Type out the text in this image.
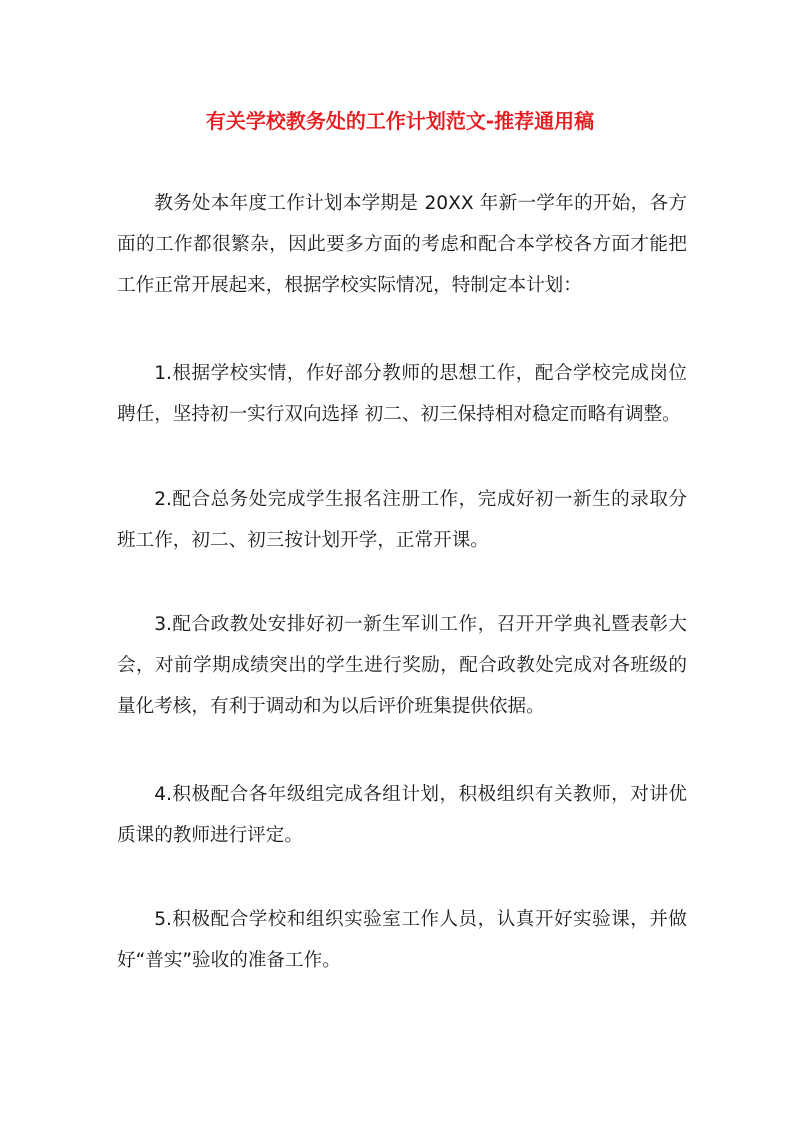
有关学校教务处的工作计划范文-推荐通用稿

教务处本年度工作计划本学期是 20XX 年新一学年的开始，各方面的工作都很繁杂，因此要多方面的考虑和配合本学校各方面才能把工作正常开展起来，根据学校实际情况，特制定本计划：

1.根据学校实情，作好部分教师的思想工作，配合学校完成岗位聘任，坚持初一实行双向选择 初二、初三保持相对稳定而略有调整。

2.配合总务处完成学生报名注册工作，完成好初一新生的录取分班工作，初二、初三按计划开学，正常开课。

3.配合政教处安排好初一新生军训工作，召开开学典礼暨表彰大会，对前学期成绩突出的学生进行奖励，配合政教处完成对各班级的量化考核，有利于调动和为以后评价班集提供依据。

4.积极配合各年级组完成各组计划，积极组织有关教师，对讲优质课的教师进行评定。

5.积极配合学校和组织实验室工作人员，认真开好实验课，并做好“普实”验收的准备工作。
